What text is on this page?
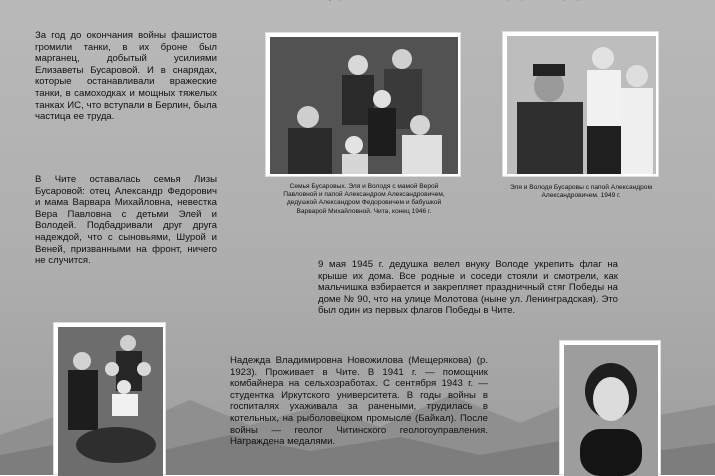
За год до окончания войны фашистов громили танки, в их броне был марганец, добытый усилиями Елизаветы Бусаровой. И в снарядах, которые останавливали вражеские танки, в самоходках и мощных тяжелых танках ИС, что вступали в Берлин, была частица ее труда.

В Чите оставалась семья Лизы Бусаровой: отец Александр Федорович и мама Варвара Михайловна, невестка Вера Павловна с детьми Элей и Володей. Подбадривали друг друга надеждой, что с сыновьями, Шурой и Веней, призванными на фронт, ничего не случится.	9 мая 1945 г. дедушка велел внуку Володе укрепить флаг на крыше их дома. Все родные и соседи стояли и смотрели, как мальчишка взбирается и закрепляет праздничный стяг Победы на доме № 90, что на улице Молотова (ныне ул. Ленинградская). Это был один из первых флагов Победы в Чите.

Надежда Владимировна Новожилова (Мещерякова) (р. 1923). Проживает в Чите. В 1941 г. — помощник комбайнера на сельхозработах. С сентября 1943 г. — студентка Иркутского университета. В годы войны в госпиталях ухаживала за ранеными, трудилась в котельных, на рыболовецком промысле (Байкал). После войны — геолог Читинского геологоуправления. Награждена медалями.

Семья Бусаровых. Эля и Володя с мамой Верой Павловной и папой Александром Александровичем, дедушкой Александром Федоровичем и бабушкой Варварой Михайловной. Чита, конец 1946 г.

Эля и Володя Бусаровы с папой Александром Александровичем. 1949 г.
